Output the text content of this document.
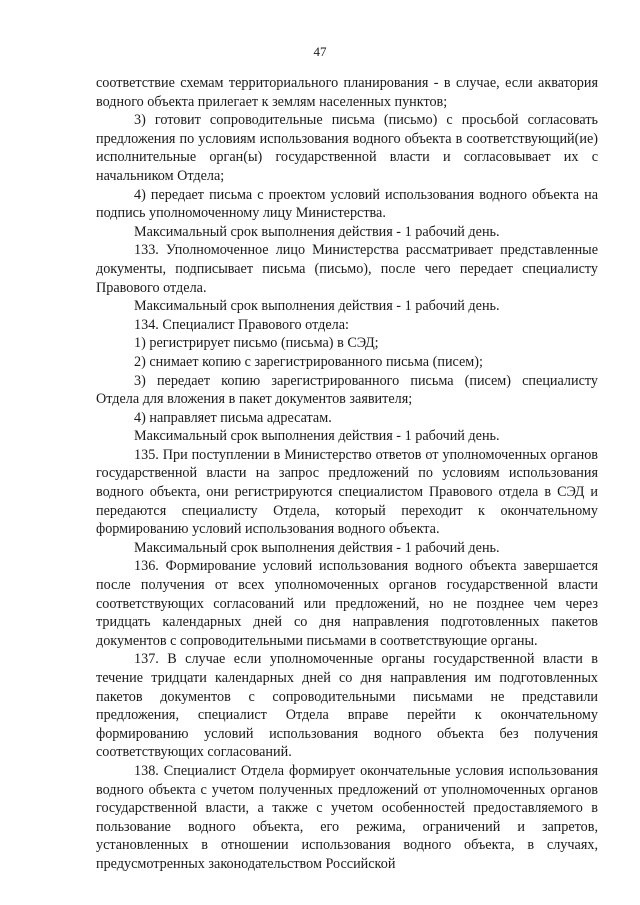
47

соответствие схемам территориального планирования - в случае, если акватория водного объекта прилегает к землям населенных пунктов;

3) готовит сопроводительные письма (письмо) с просьбой согласовать предложения по условиям использования водного объекта в соответствующий(ие) исполнительные орган(ы) государственной власти и согласовывает их с начальником Отдела;

4) передает письма с проектом условий использования водного объекта на подпись уполномоченному лицу Министерства.

Максимальный срок выполнения действия - 1 рабочий день.

133. Уполномоченное лицо Министерства рассматривает представленные документы, подписывает письма (письмо), после чего передает специалисту Правового отдела.

Максимальный срок выполнения действия - 1 рабочий день.

134. Специалист Правового отдела:

1) регистрирует письмо (письма) в СЭД;

2) снимает копию с зарегистрированного письма (писем);

3) передает копию зарегистрированного письма (писем) специалисту Отдела для вложения в пакет документов заявителя;

4) направляет письма адресатам.

Максимальный срок выполнения действия - 1 рабочий день.

135. При поступлении в Министерство ответов от уполномоченных органов государственной власти на запрос предложений по условиям использования водного объекта, они регистрируются специалистом Правового отдела в СЭД и передаются специалисту Отдела, который переходит к окончательному формированию условий использования водного объекта.

Максимальный срок выполнения действия - 1 рабочий день.

136. Формирование условий использования водного объекта завершается после получения от всех уполномоченных органов государственной власти соответствующих согласований или предложений, но не позднее чем через тридцать календарных дней со дня направления подготовленных пакетов документов с сопроводительными письмами в соответствующие органы.

137. В случае если уполномоченные органы государственной власти в течение тридцати календарных дней со дня направления им подготовленных пакетов документов с сопроводительными письмами не представили предложения, специалист Отдела вправе перейти к окончательному формированию условий использования водного объекта без получения соответствующих согласований.

138. Специалист Отдела формирует окончательные условия использования водного объекта с учетом полученных предложений от уполномоченных органов государственной власти, а также с учетом особенностей предоставляемого в пользование водного объекта, его режима, ограничений и запретов, установленных в отношении использования водного объекта, в случаях, предусмотренных законодательством Российской
